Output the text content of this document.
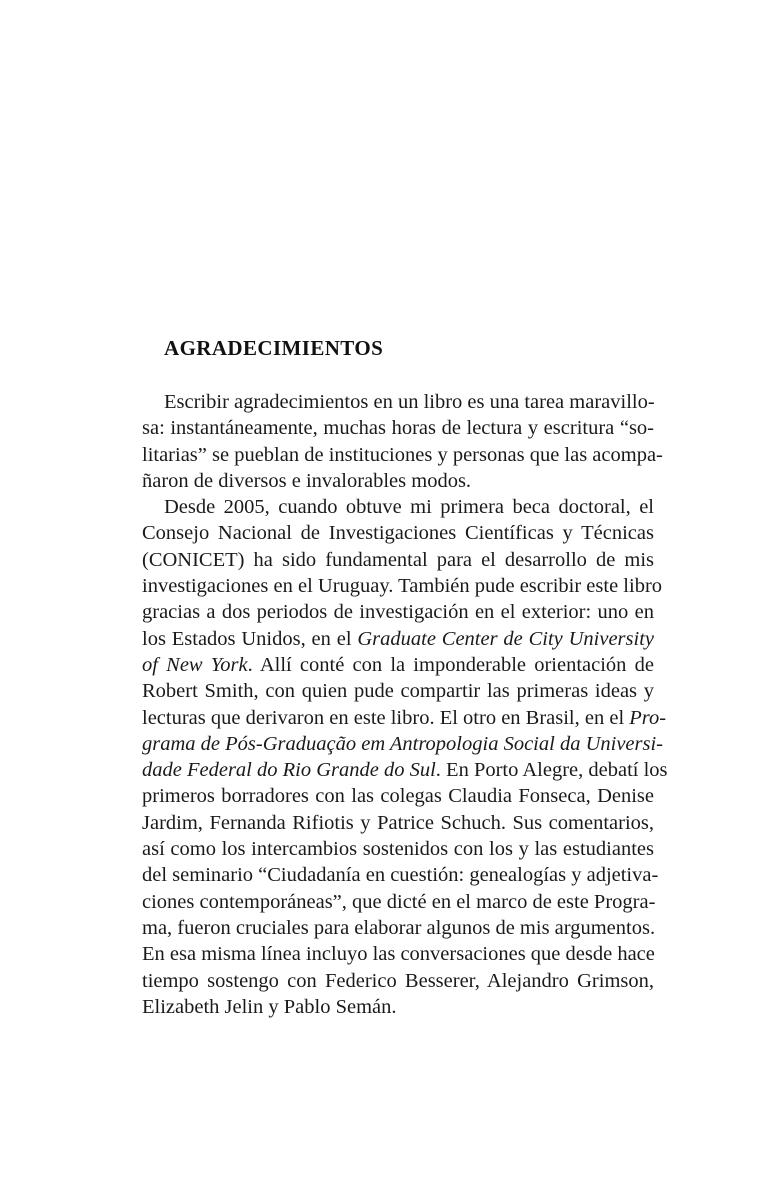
AGRADECIMIENTOS
Escribir agradecimientos en un libro es una tarea maravillo-
sa: instantáneamente, muchas horas de lectura y escritura “so-
litarias” se pueblan de instituciones y personas que las acompa-
ñaron de diversos e invalorables modos.
Desde 2005, cuando obtuve mi primera beca doctoral, el
Consejo Nacional de Investigaciones Científicas y Técnicas
(CONICET) ha sido fundamental para el desarrollo de mis
investigaciones en el Uruguay. También pude escribir este libro
gracias a dos periodos de investigación en el exterior: uno en
los Estados Unidos, en el Graduate Center de City University
of New York. Allí conté con la imponderable orientación de
Robert Smith, con quien pude compartir las primeras ideas y
lecturas que derivaron en este libro. El otro en Brasil, en el Pro-
grama de Pós-Graduação em Antropologia Social da Universi-
dade Federal do Rio Grande do Sul. En Porto Alegre, debatí los
primeros borradores con las colegas Claudia Fonseca, Denise
Jardim, Fernanda Rifiotis y Patrice Schuch. Sus comentarios,
así como los intercambios sostenidos con los y las estudiantes
del seminario “Ciudadanía en cuestión: genealogías y adjetiva-
ciones contemporáneas”, que dicté en el marco de este Progra-
ma, fueron cruciales para elaborar algunos de mis argumentos.
En esa misma línea incluyo las conversaciones que desde hace
tiempo sostengo con Federico Besserer, Alejandro Grimson,
Elizabeth Jelin y Pablo Semán.
